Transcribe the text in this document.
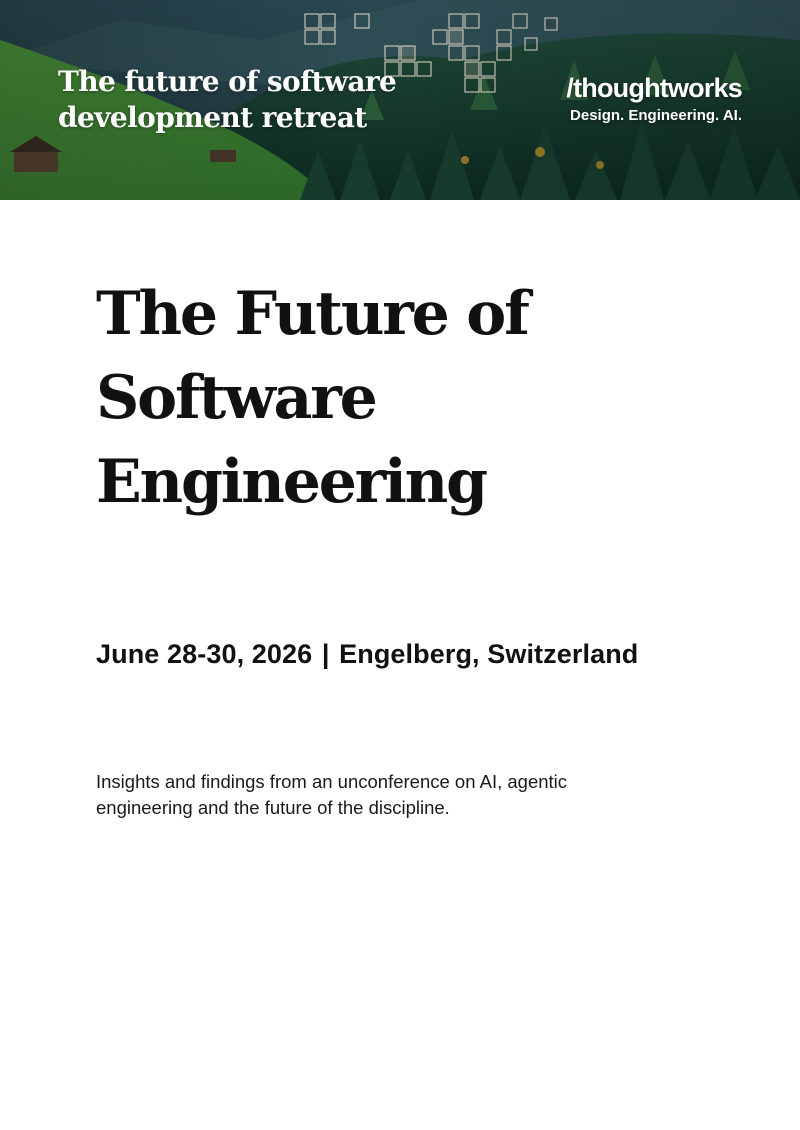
The future of software
development retreat
/thoughtworks
Design. Engineering. AI.
The Future of
Software
Engineering

June 28-30, 2026 | Engelberg, Switzerland

Insights and findings from an unconference on AI, agentic engineering and the future of the discipline.
